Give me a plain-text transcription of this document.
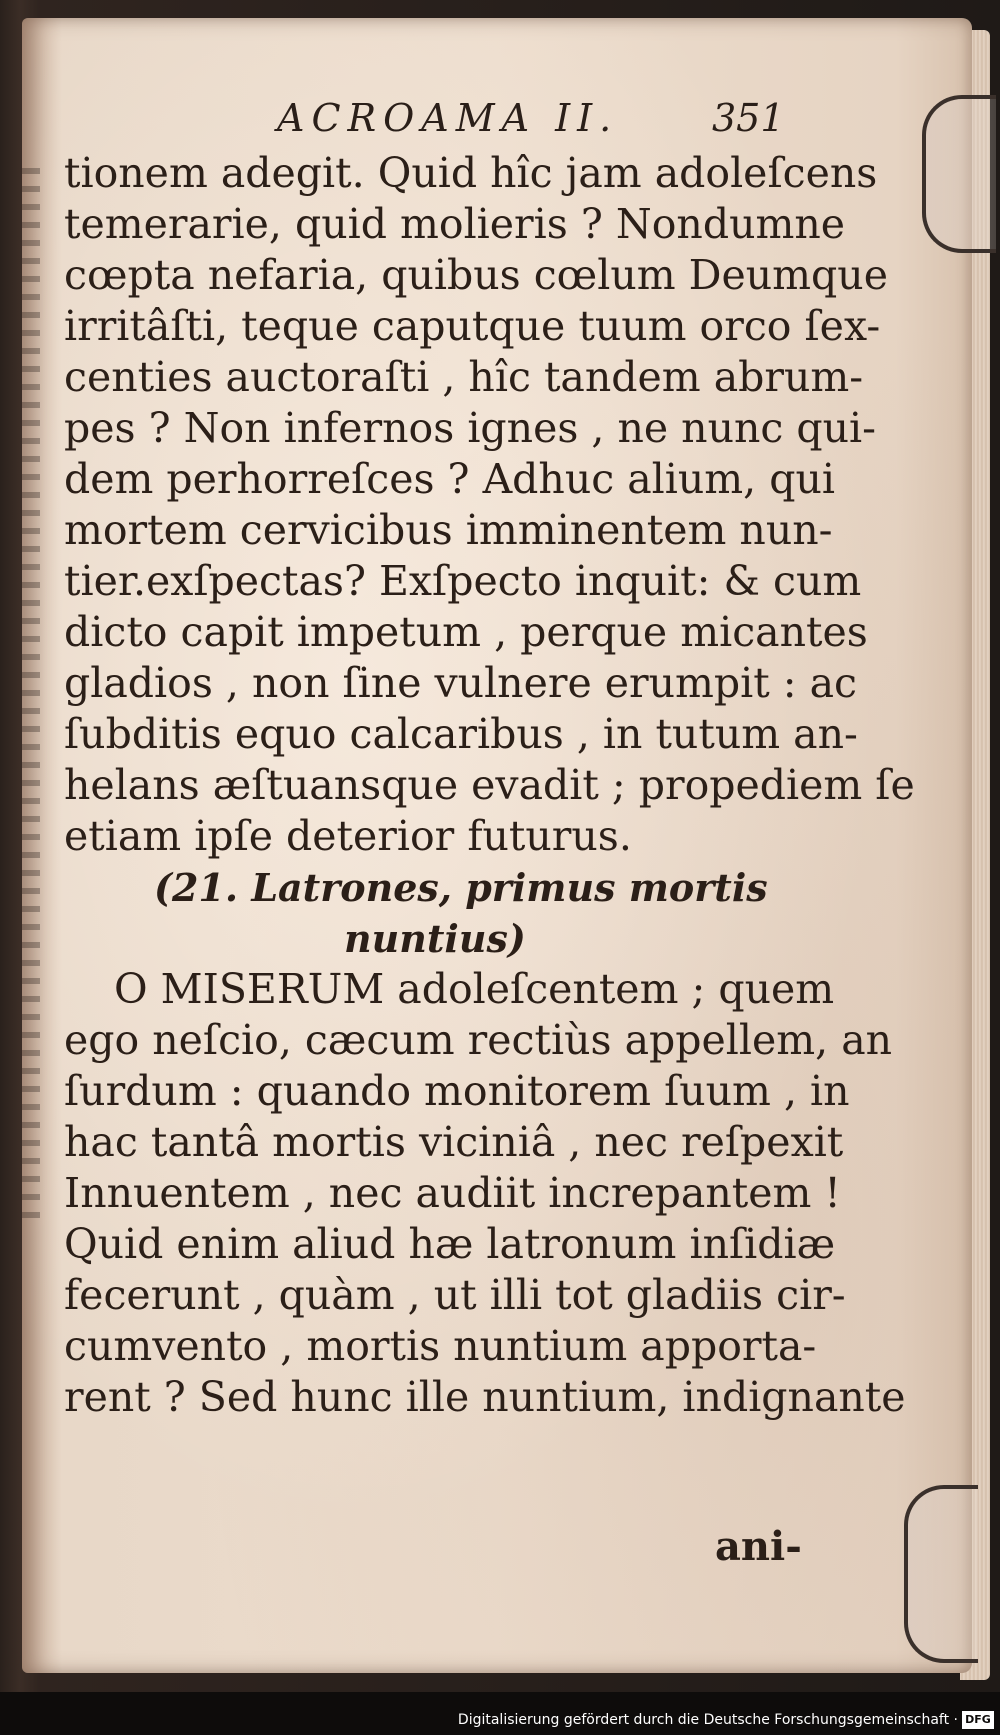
ACROAMA II. 351
tionem adegit. Quid hîc jam adoleſcens
temerarie, quid molieris ? Nondumne
cœpta nefaria, quibus cœlum Deumque
irritâſti, teque caputque tuum orco ſex-
centies auctoraſti , hîc tandem abrum-
pes ? Non infernos ignes , ne nunc qui-
dem perhorreſces ? Adhuc alium, qui
mortem cervicibus imminentem nun-
tier.exſpectas? Exſpecto inquit: & cum
dicto capit impetum , perque micantes
gladios , non ſine vulnere erumpit : ac
ſubditis equo calcaribus , in tutum an-
helans æſtuansque evadit ; propediem ſe
etiam ipſe deterior futurus.
(21. Latrones, primus mortis
nuntius)
O MISERUM adoleſcentem ; quem
ego neſcio, cæcum rectiùs appellem, an
ſurdum : quando monitorem ſuum , in
hac tantâ mortis viciniâ , nec reſpexit
Innuentem , nec audiit increpantem !
Quid enim aliud hæ latronum inſidiæ
fecerunt , quàm , ut illi tot gladiis cir-
cumvento , mortis nuntium apporta-
rent ? Sed hunc ille nuntium, indignante
ani-
Digitalisierung gefördert durch die Deutsche Forschungsgemeinschaft · DFG
